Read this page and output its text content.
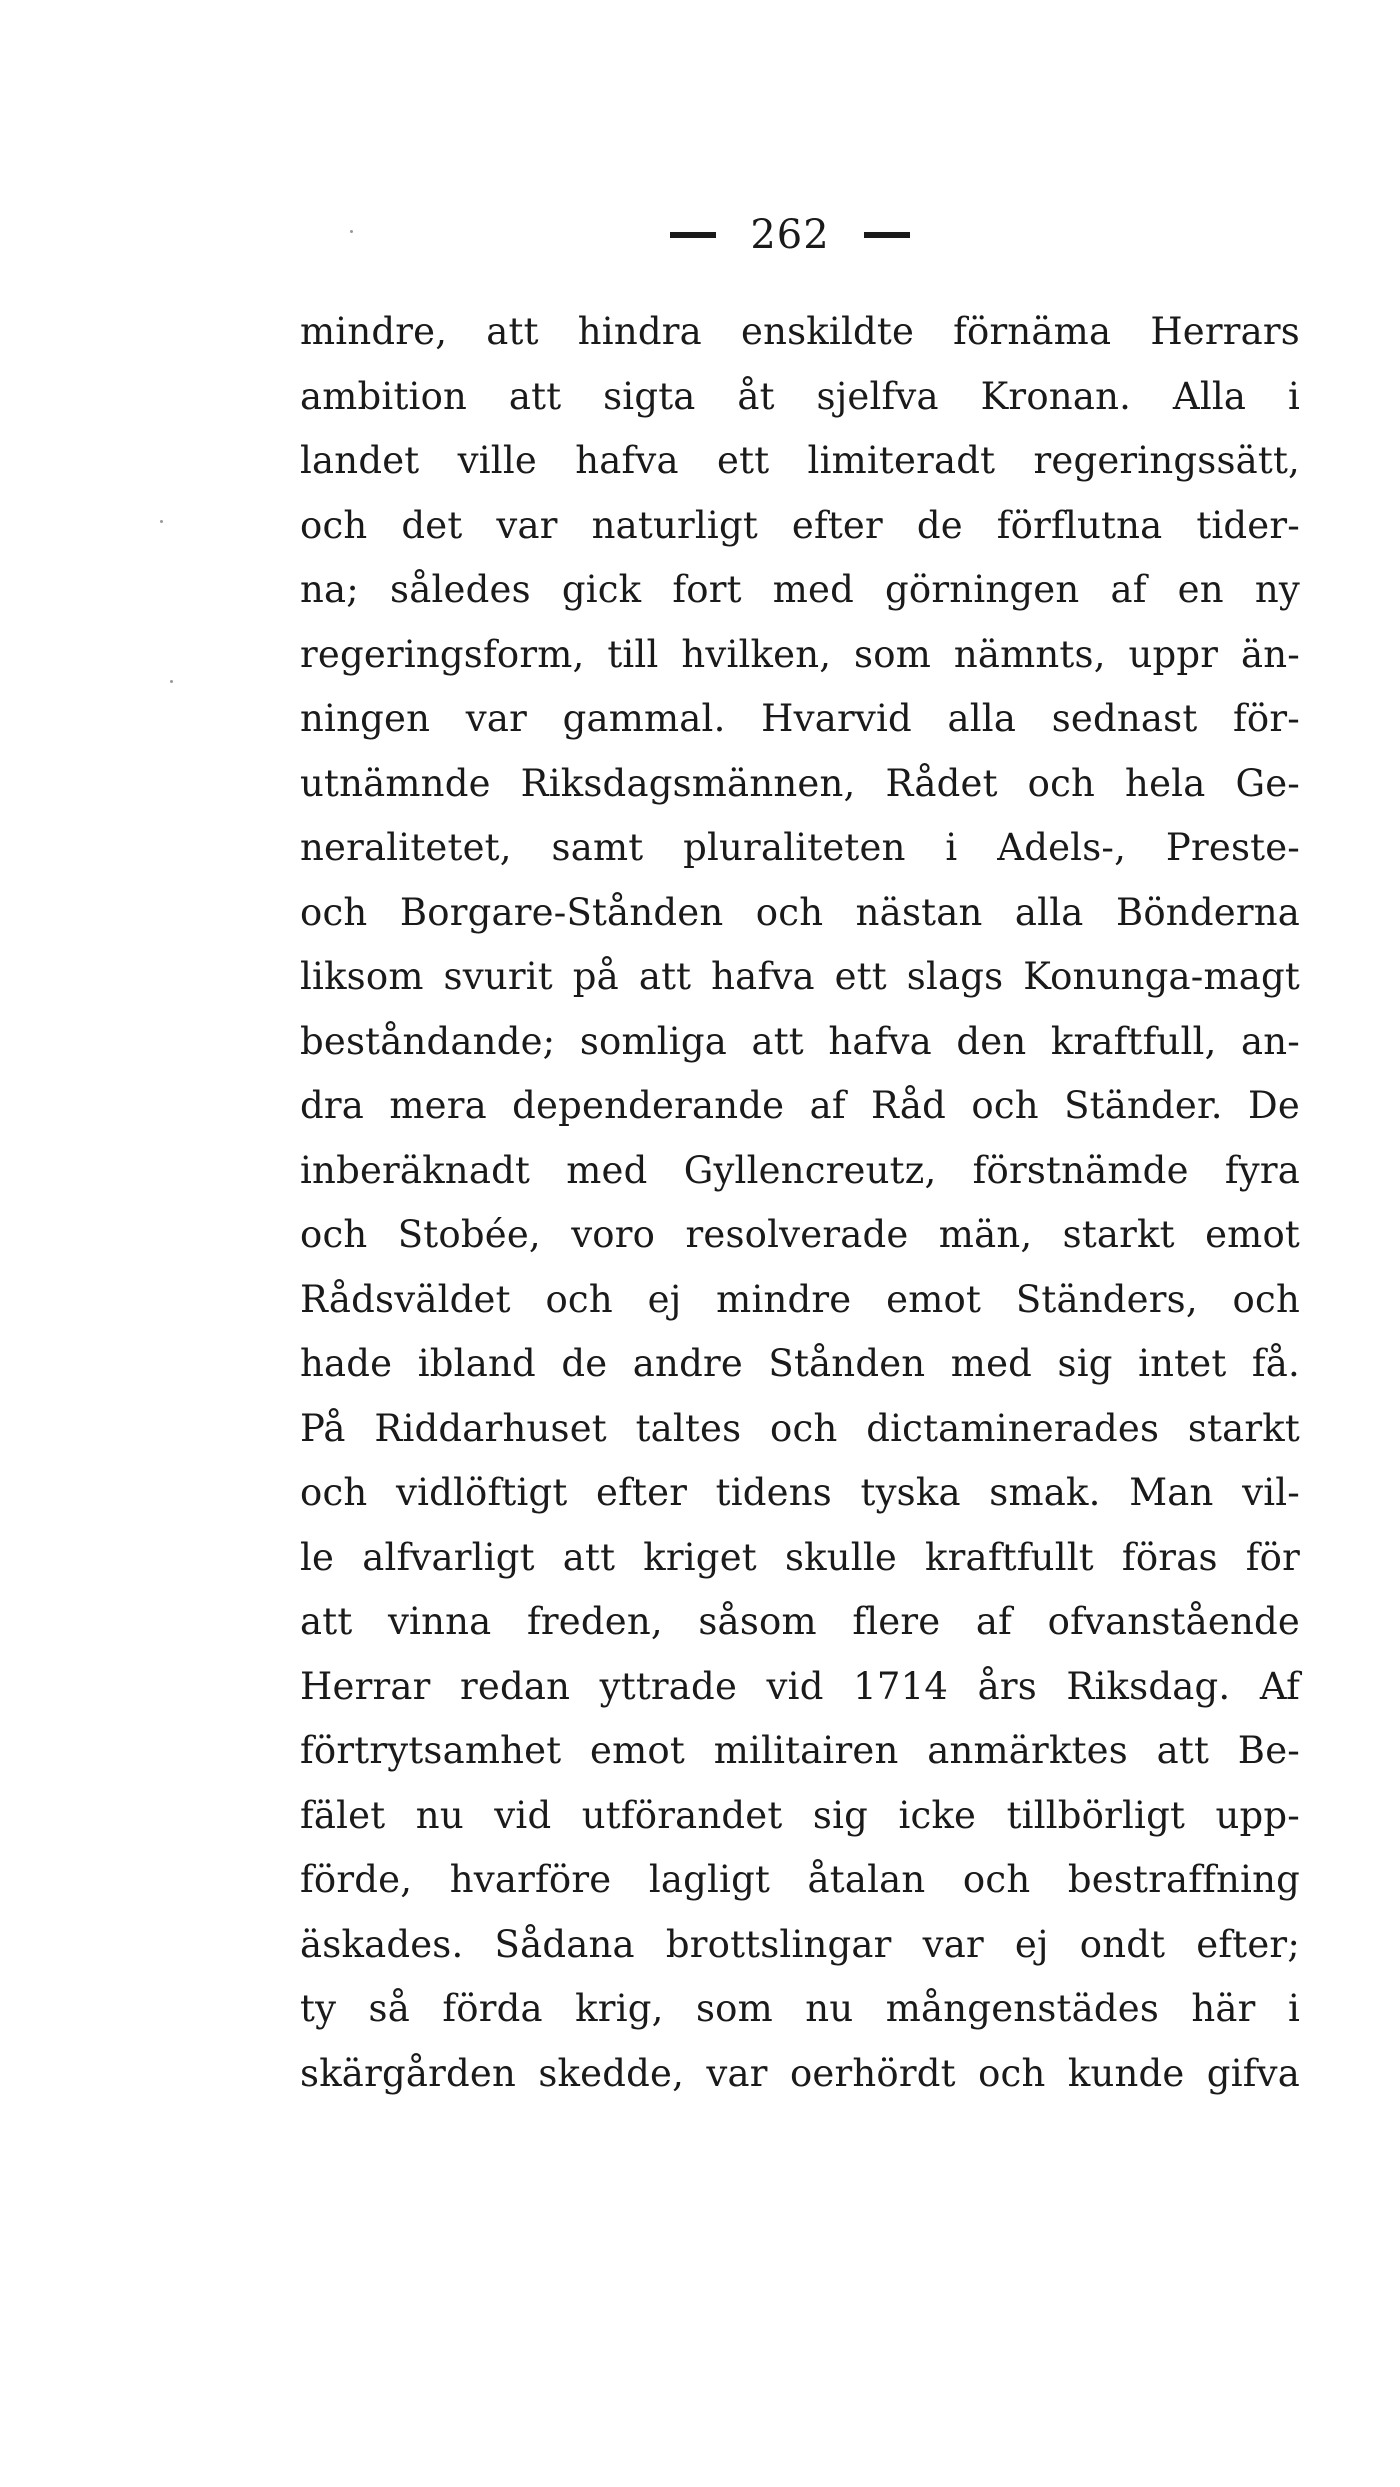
262
mindre, att hindra enskildte förnäma Herrars
ambition att sigta åt sjelfva Kronan. Alla i
landet ville hafva ett limiteradt regeringssätt,
och det var naturligt efter de förflutna tider-
na; således gick fort med görningen af en ny
regeringsform, till hvilken, som nämnts, uppr än-
ningen var gammal. Hvarvid alla sednast för-
utnämnde Riksdagsmännen, Rådet och hela Ge-
neralitetet, samt pluraliteten i Adels-, Preste-
och Borgare-Stånden och nästan alla Bönderna
liksom svurit på att hafva ett slags Konunga-magt
beståndande; somliga att hafva den kraftfull, an-
dra mera dependerande af Råd och Ständer. De
inberäknadt med Gyllencreutz, förstnämde fyra
och Stobée, voro resolverade män, starkt emot
Rådsväldet och ej mindre emot Ständers, och
hade ibland de andre Stånden med sig intet få.
På Riddarhuset taltes och dictaminerades starkt
och vidlöftigt efter tidens tyska smak. Man vil-
le alfvarligt att kriget skulle kraftfullt föras för
att vinna freden, såsom flere af ofvanstående
Herrar redan yttrade vid 1714 års Riksdag. Af
förtrytsamhet emot militairen anmärktes att Be-
fälet nu vid utförandet sig icke tillbörligt upp-
förde, hvarföre lagligt åtalan och bestraffning
äskades. Sådana brottslingar var ej ondt efter;
ty så förda krig, som nu mångenstädes här i
skärgården skedde, var oerhördt och kunde gifva
